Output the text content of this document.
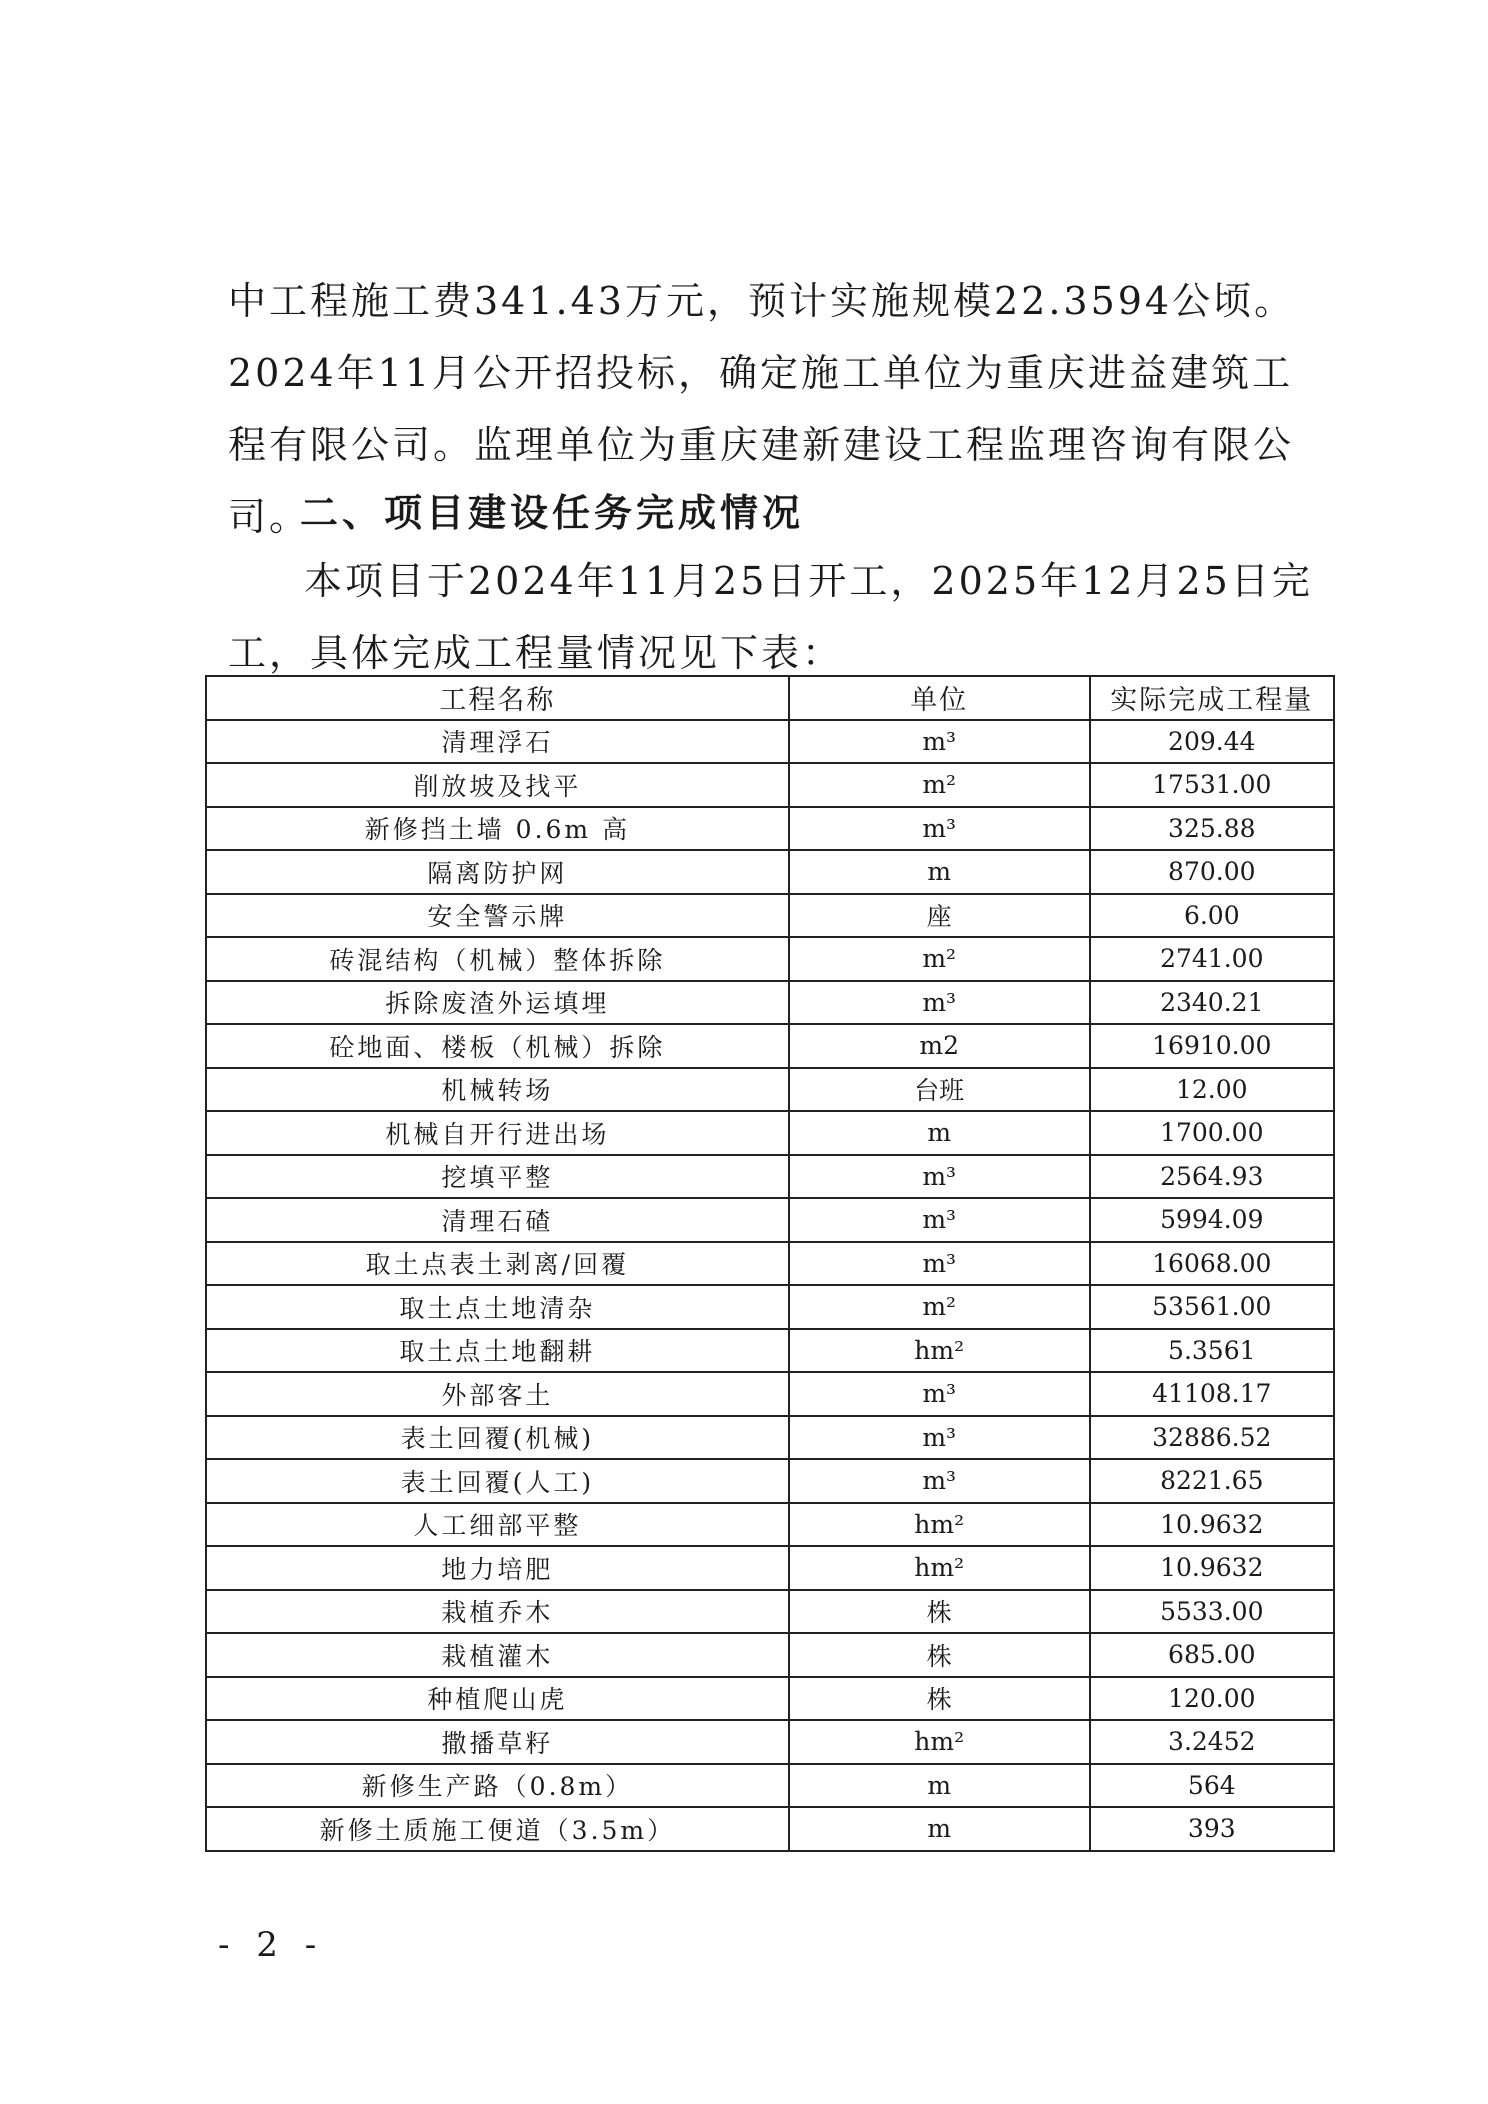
中工程施工费341.43万元，预计实施规模22.3594公顷。2024年11月公开招投标，确定施工单位为重庆进益建筑工程有限公司。监理单位为重庆建新建设工程监理咨询有限公司。

二、项目建设任务完成情况

本项目于2024年11月25日开工，2025年12月25日完工，具体完成工程量情况见下表：

工程名称	单位	实际完成工程量
清理浮石	m³	209.44
削放坡及找平	m²	17531.00
新修挡土墙 0.6m 高	m³	325.88
隔离防护网	m	870.00
安全警示牌	座	6.00
砖混结构（机械）整体拆除	m²	2741.00
拆除废渣外运填埋	m³	2340.21
砼地面、楼板（机械）拆除	m2	16910.00
机械转场	台班	12.00
机械自开行进出场	m	1700.00
挖填平整	m³	2564.93
清理石碴	m³	5994.09
取土点表土剥离/回覆	m³	16068.00
取土点土地清杂	m²	53561.00
取土点土地翻耕	hm²	5.3561
外部客土	m³	41108.17
表土回覆(机械)	m³	32886.52
表土回覆(人工)	m³	8221.65
人工细部平整	hm²	10.9632
地力培肥	hm²	10.9632
栽植乔木	株	5533.00
栽植灌木	株	685.00
种植爬山虎	株	120.00
撒播草籽	hm²	3.2452
新修生产路（0.8m）	m	564
新修土质施工便道（3.5m）	m	393
- 2 -
